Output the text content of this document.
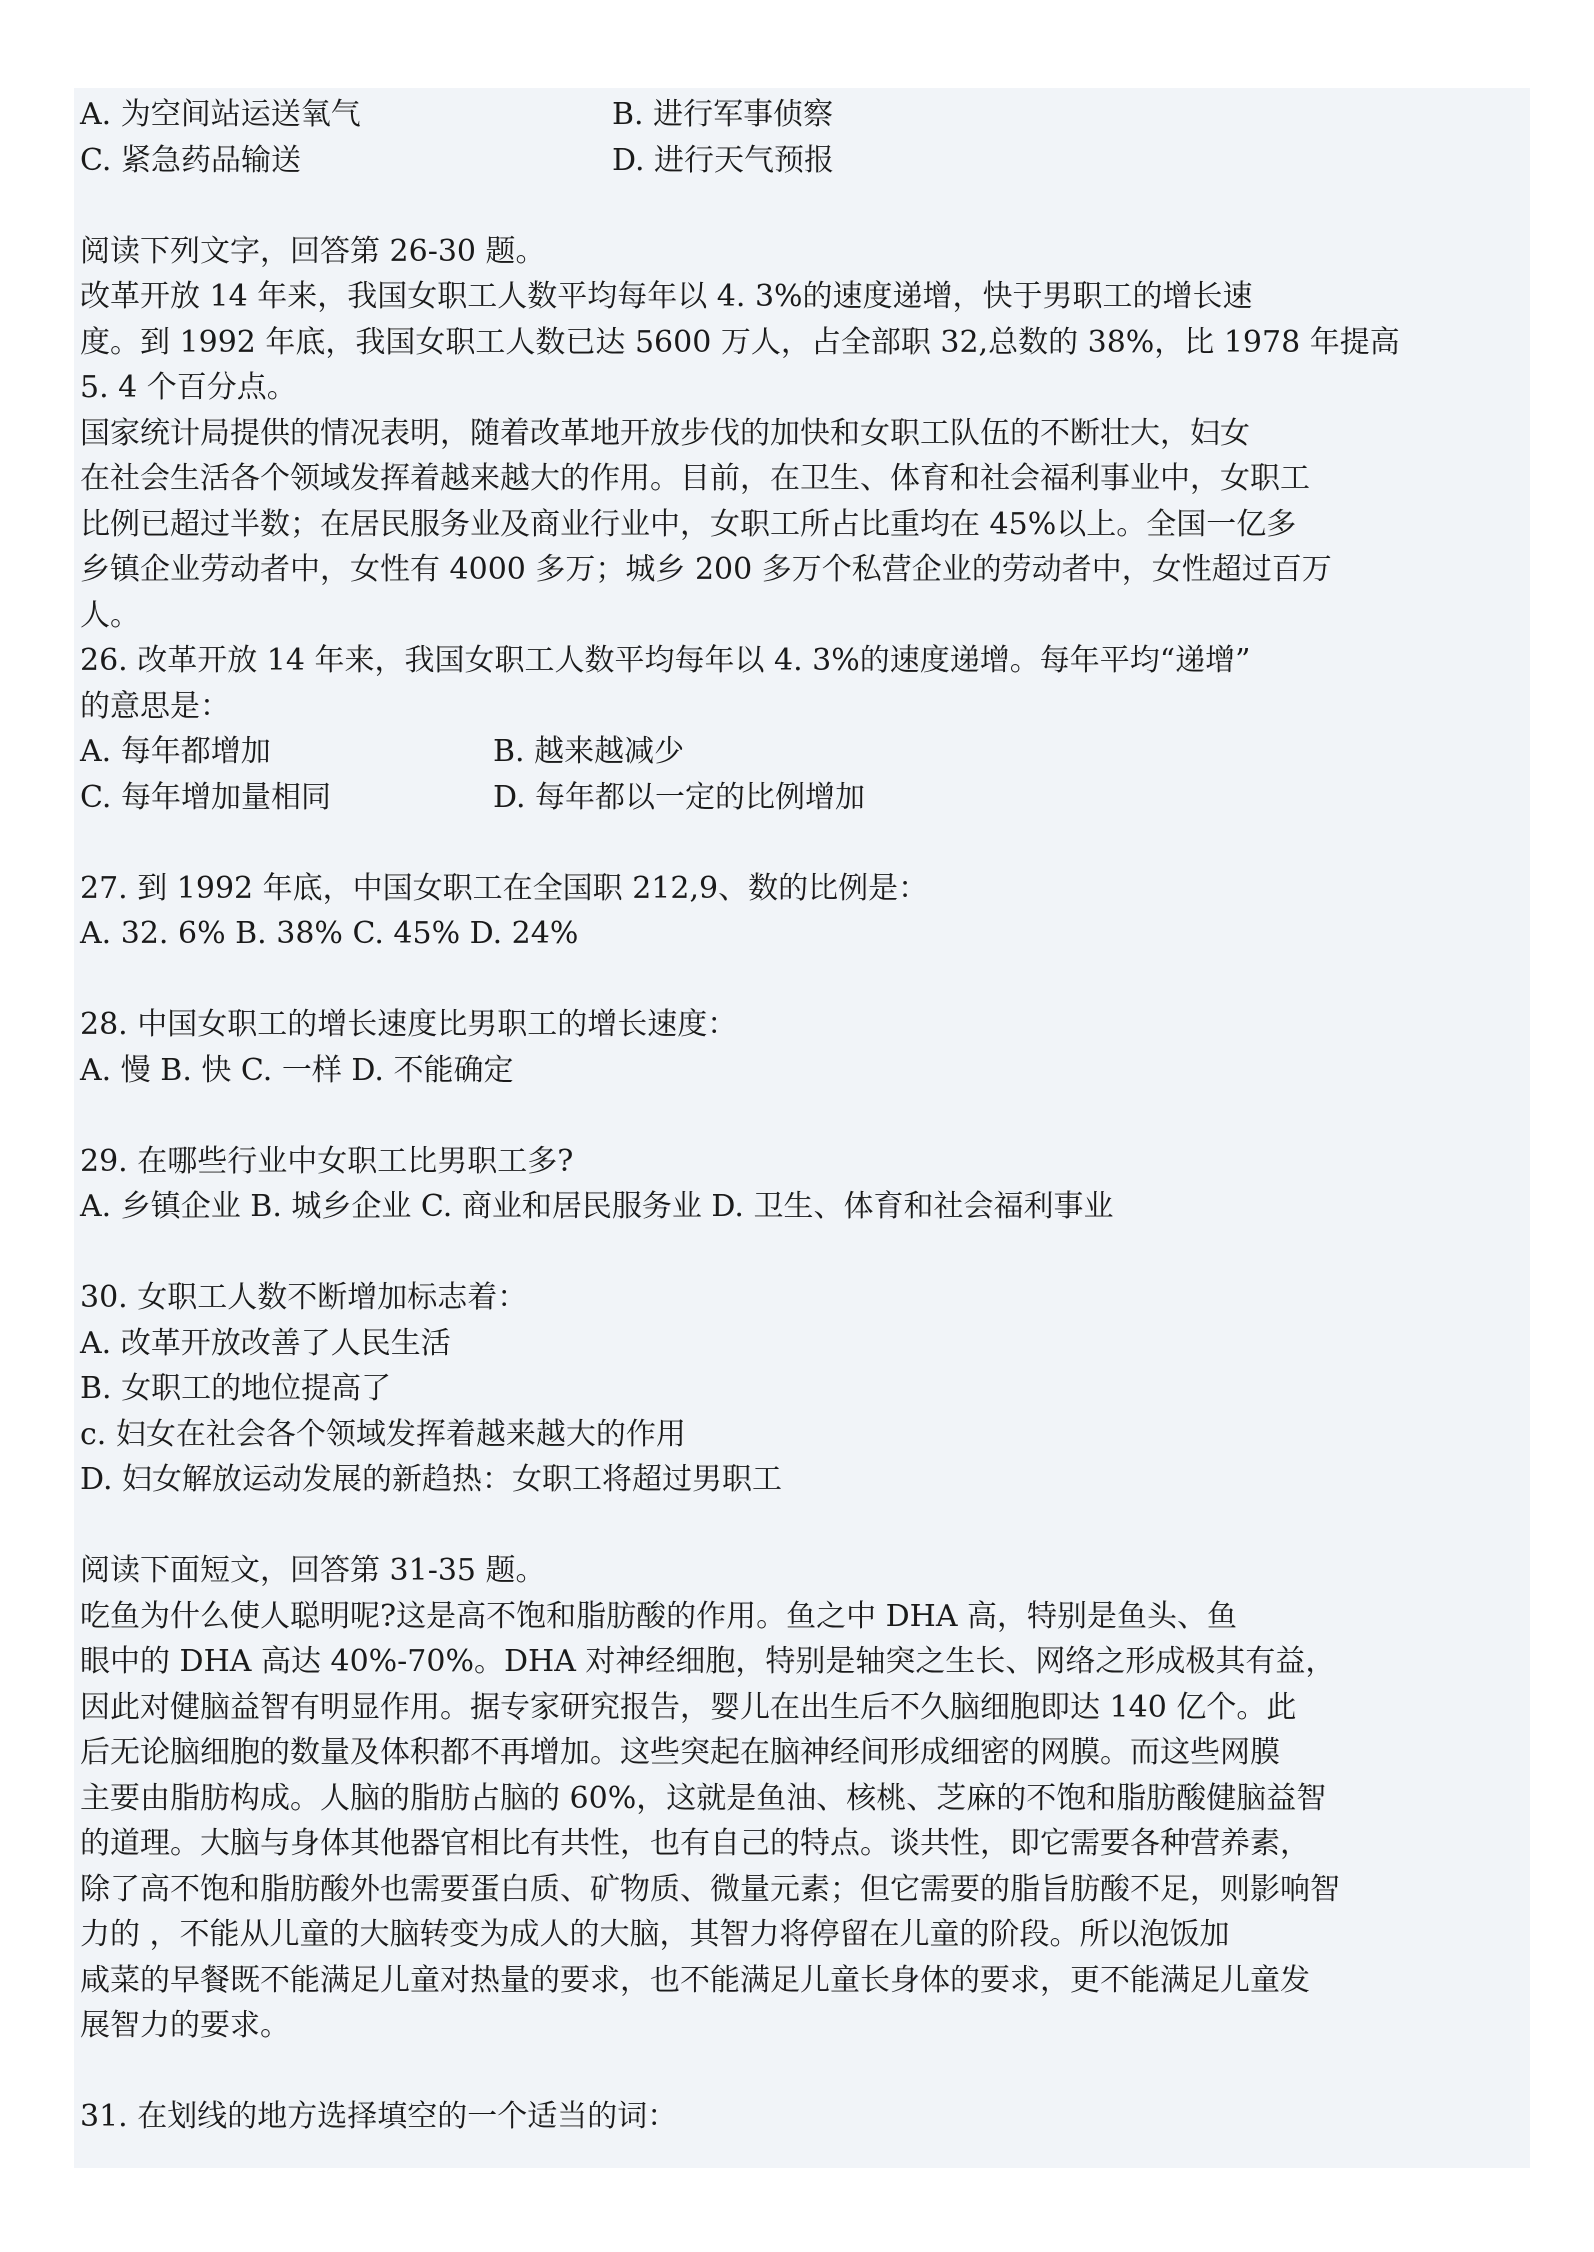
A. 为空间站运送氧气	B. 进行军事侦察
C. 紧急药品输送	D. 进行天气预报
阅读下列文字，回答第 26-30 题。
改革开放 14 年来，我国女职工人数平均每年以 4. 3%的速度递增，快于男职工的增长速
度。到 1992 年底，我国女职工人数已达 5600 万人，占全部职 32,总数的 38%，比 1978 年提高
5. 4 个百分点。
国家统计局提供的情况表明，随着改革地开放步伐的加快和女职工队伍的不断壮大，妇女
在社会生活各个领域发挥着越来越大的作用。目前，在卫生、体育和社会福利事业中，女职工
比例已超过半数；在居民服务业及商业行业中，女职工所占比重均在 45%以上。全国一亿多
乡镇企业劳动者中，女性有 4000 多万；城乡 200 多万个私营企业的劳动者中，女性超过百万
人。
26. 改革开放 14 年来，我国女职工人数平均每年以 4. 3%的速度递增。每年平均“递增”
的意思是：
A. 每年都增加	B. 越来越减少
C. 每年增加量相同	D. 每年都以一定的比例增加
27. 到 1992 年底，中国女职工在全国职 212,9、数的比例是：
A. 32. 6% B. 38% C. 45% D. 24%
28. 中国女职工的增长速度比男职工的增长速度：
A. 慢 B. 快 C. 一样 D. 不能确定
29. 在哪些行业中女职工比男职工多?
A. 乡镇企业 B. 城乡企业 C. 商业和居民服务业 D. 卫生、体育和社会福利事业
30. 女职工人数不断增加标志着：
A. 改革开放改善了人民生活
B. 女职工的地位提高了
c. 妇女在社会各个领域发挥着越来越大的作用
D. 妇女解放运动发展的新趋热：女职工将超过男职工
阅读下面短文，回答第 31-35 题。
吃鱼为什么使人聪明呢?这是高不饱和脂肪酸的作用。鱼之中 DHA 高，特别是鱼头、鱼
眼中的 DHA 高达 40%-70%。DHA 对神经细胞，特别是轴突之生长、网络之形成极其有益，
因此对健脑益智有明显作用。据专家研究报告，婴儿在出生后不久脑细胞即达 140 亿个。此
后无论脑细胞的数量及体积都不再增加。这些突起在脑神经间形成细密的网膜。而这些网膜
主要由脂肪构成。人脑的脂肪占脑的 60%，这就是鱼油、核桃、芝麻的不饱和脂肪酸健脑益智
的道理。大脑与身体其他器官相比有共性，也有自己的特点。谈共性，即它需要各种营养素，
除了高不饱和脂肪酸外也需要蛋白质、矿物质、微量元素；但它需要的脂旨肪酸不足，则影响智
力的 ，不能从儿童的大脑转变为成人的大脑，其智力将停留在儿童的阶段。所以泡饭加
咸菜的早餐既不能满足儿童对热量的要求，也不能满足儿童长身体的要求，更不能满足儿童发
展智力的要求。
31. 在划线的地方选择填空的一个适当的词：
